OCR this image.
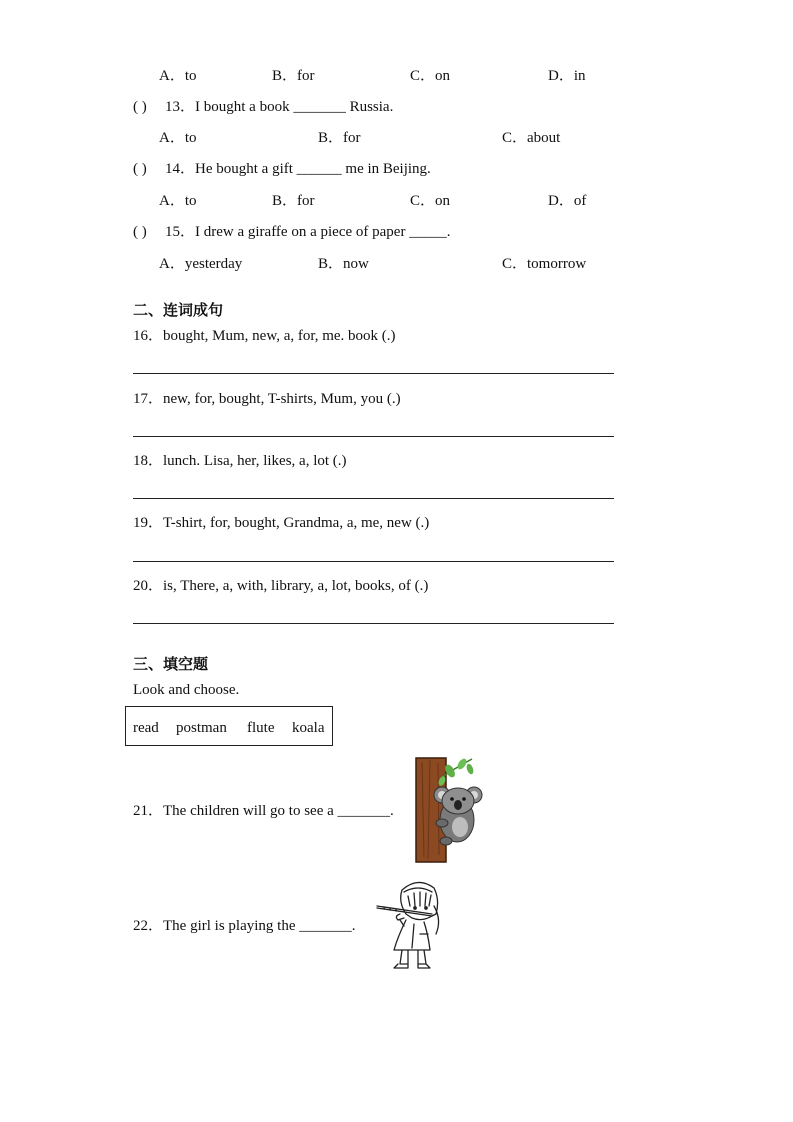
A．to	B．for	C．on	D．in
( ) 13．I bought a book _______ Russia.
A．to	B．for	C．about
( ) 14．He bought a gift ______ me in Beijing.
A．to	B．for	C．on	D．of
( ) 15．I drew a giraffe on a piece of paper _____.
A．yesterday	B．now	C．tomorrow
二、连词成句
16．bought, Mum, new, a, for, me. book (.)
17．new, for, bought, T-shirts, Mum, you (.)
18．lunch. Lisa, her, likes, a, lot (.)
19．T-shirt, for, bought, Grandma, a, me, new (.)
20．is, There, a, with, library, a, lot, books, of (.)
三、填空题
Look and choose.
read postman flute koala
21．The children will go to see a _______.
22．The girl is playing the _______.
